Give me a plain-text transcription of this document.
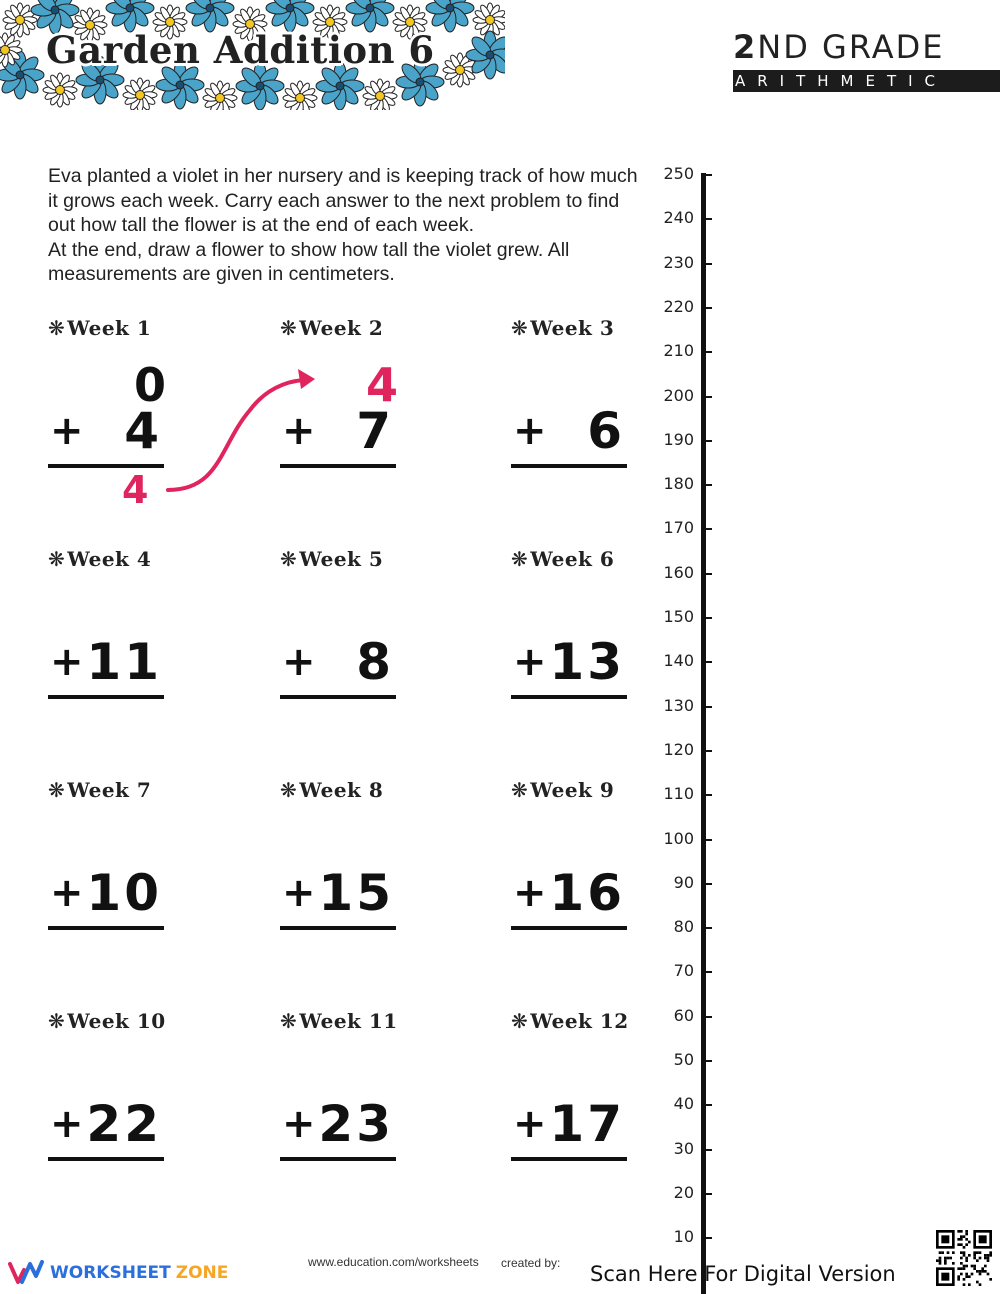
Garden Addition 6	2ND GRADE
ARITHMETIC

Eva planted a violet in her nursery and is keeping track of how much it grows each week. Carry each answer to the next problem to find out how tall the flower is at the end of each week.

At the end, draw a flower to show how tall the violet grew. All measurements are given in centimeters.

❋ Week 1
0
+ 4
4
❋ Week 2
4
+ 7
❋ Week 3
+ 6
❋ Week 4
+ 11
❋ Week 5
+ 8
❋ Week 6
+ 13
❋ Week 7
+ 10
❋ Week 8
+ 15
❋ Week 9
+ 16
❋ Week 10
+ 22
❋ Week 11
+ 23
❋ Week 12
+ 17
250
240
230
220
210
200
190
180
170
160
150
140
130
120
110
100
90
80
70
60
50
40
30
20
10
WORKSHEET ZONE
www.education.com/worksheets created by: Scan Here For Digital Version
